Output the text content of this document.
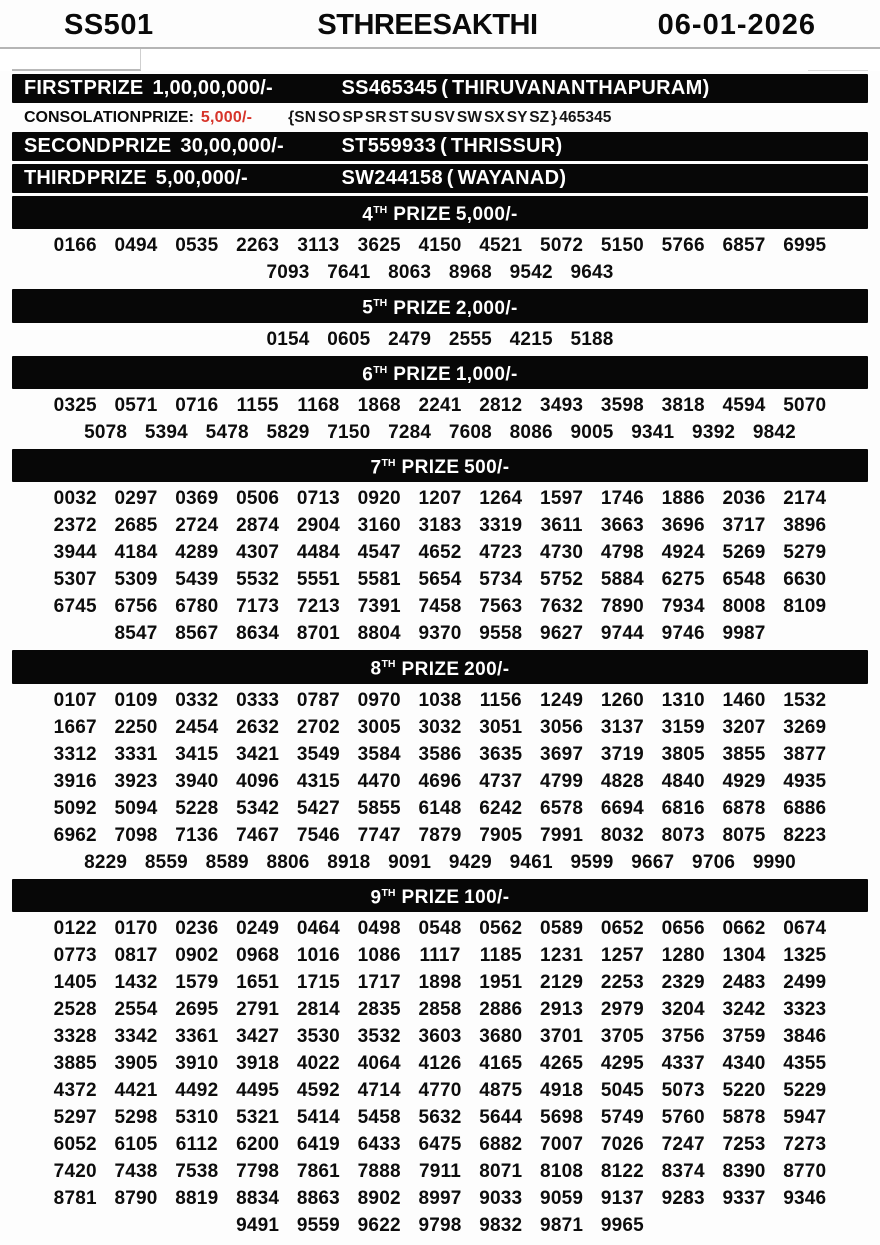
SS501	STHREE SAKTHI	06-01-2026
FIRST PRIZE 1,00,00,000/-	SS465345 ( THIRUVANANTHAPURAM)
CONSOLATION PRIZE: 5,000/- {SN SO SP SR ST SU SV SW SX SY SZ } 465345
SECOND PRIZE 30,00,000/-	ST559933 ( THRISSUR)
THIRD PRIZE 5,00,000/-	SW244158 ( WAYANAD)
4TH PRIZE 5,000/-
0166 0494 0535 2263 3113 3625 4150 4521 5072 5150 5766 6857 6995
7093 7641 8063 8968 9542 9643
5TH PRIZE 2,000/-
0154 0605 2479 2555 4215 5188
6TH PRIZE 1,000/-
0325 0571 0716 1155 1168 1868 2241 2812 3493 3598 3818 4594 5070
5078 5394 5478 5829 7150 7284 7608 8086 9005 9341 9392 9842
7TH PRIZE 500/-
0032 0297 0369 0506 0713 0920 1207 1264 1597 1746 1886 2036 2174
2372 2685 2724 2874 2904 3160 3183 3319 3611 3663 3696 3717 3896
3944 4184 4289 4307 4484 4547 4652 4723 4730 4798 4924 5269 5279
5307 5309 5439 5532 5551 5581 5654 5734 5752 5884 6275 6548 6630
6745 6756 6780 7173 7213 7391 7458 7563 7632 7890 7934 8008 8109
8547 8567 8634 8701 8804 9370 9558 9627 9744 9746 9987
8TH PRIZE 200/-
0107 0109 0332 0333 0787 0970 1038 1156 1249 1260 1310 1460 1532
1667 2250 2454 2632 2702 3005 3032 3051 3056 3137 3159 3207 3269
3312 3331 3415 3421 3549 3584 3586 3635 3697 3719 3805 3855 3877
3916 3923 3940 4096 4315 4470 4696 4737 4799 4828 4840 4929 4935
5092 5094 5228 5342 5427 5855 6148 6242 6578 6694 6816 6878 6886
6962 7098 7136 7467 7546 7747 7879 7905 7991 8032 8073 8075 8223
8229 8559 8589 8806 8918 9091 9429 9461 9599 9667 9706 9990
9TH PRIZE 100/-
0122 0170 0236 0249 0464 0498 0548 0562 0589 0652 0656 0662 0674
0773 0817 0902 0968 1016 1086 1117	1185 1231 1257 1280 1304 1325
1405 1432 1579 1651 1715 1717 1898 1951 2129 2253 2329 2483 2499
2528 2554 2695 2791 2814 2835 2858 2886 2913 2979 3204 3242 3323
3328 3342 3361 3427 3530 3532 3603 3680 3701 3705 3756 3759 3846
3885 3905 3910 3918 4022 4064 4126 4165 4265 4295 4337 4340 4355
4372 4421 4492 4495 4592 4714 4770 4875 4918 5045 5073 5220 5229
5297 5298 5310 5321 5414 5458 5632 5644 5698 5749 5760 5878 5947
6052 6105 6112 6200 6419 6433 6475 6882 7007 7026 7247 7253 7273
7420 7438 7538 7798 7861 7888 7911 8071 8108 8122 8374 8390 8770
8781 8790 8819 8834 8863 8902 8997 9033 9059 9137 9283 9337 9346
9491 9559 9622 9798 9832 9871 9965
